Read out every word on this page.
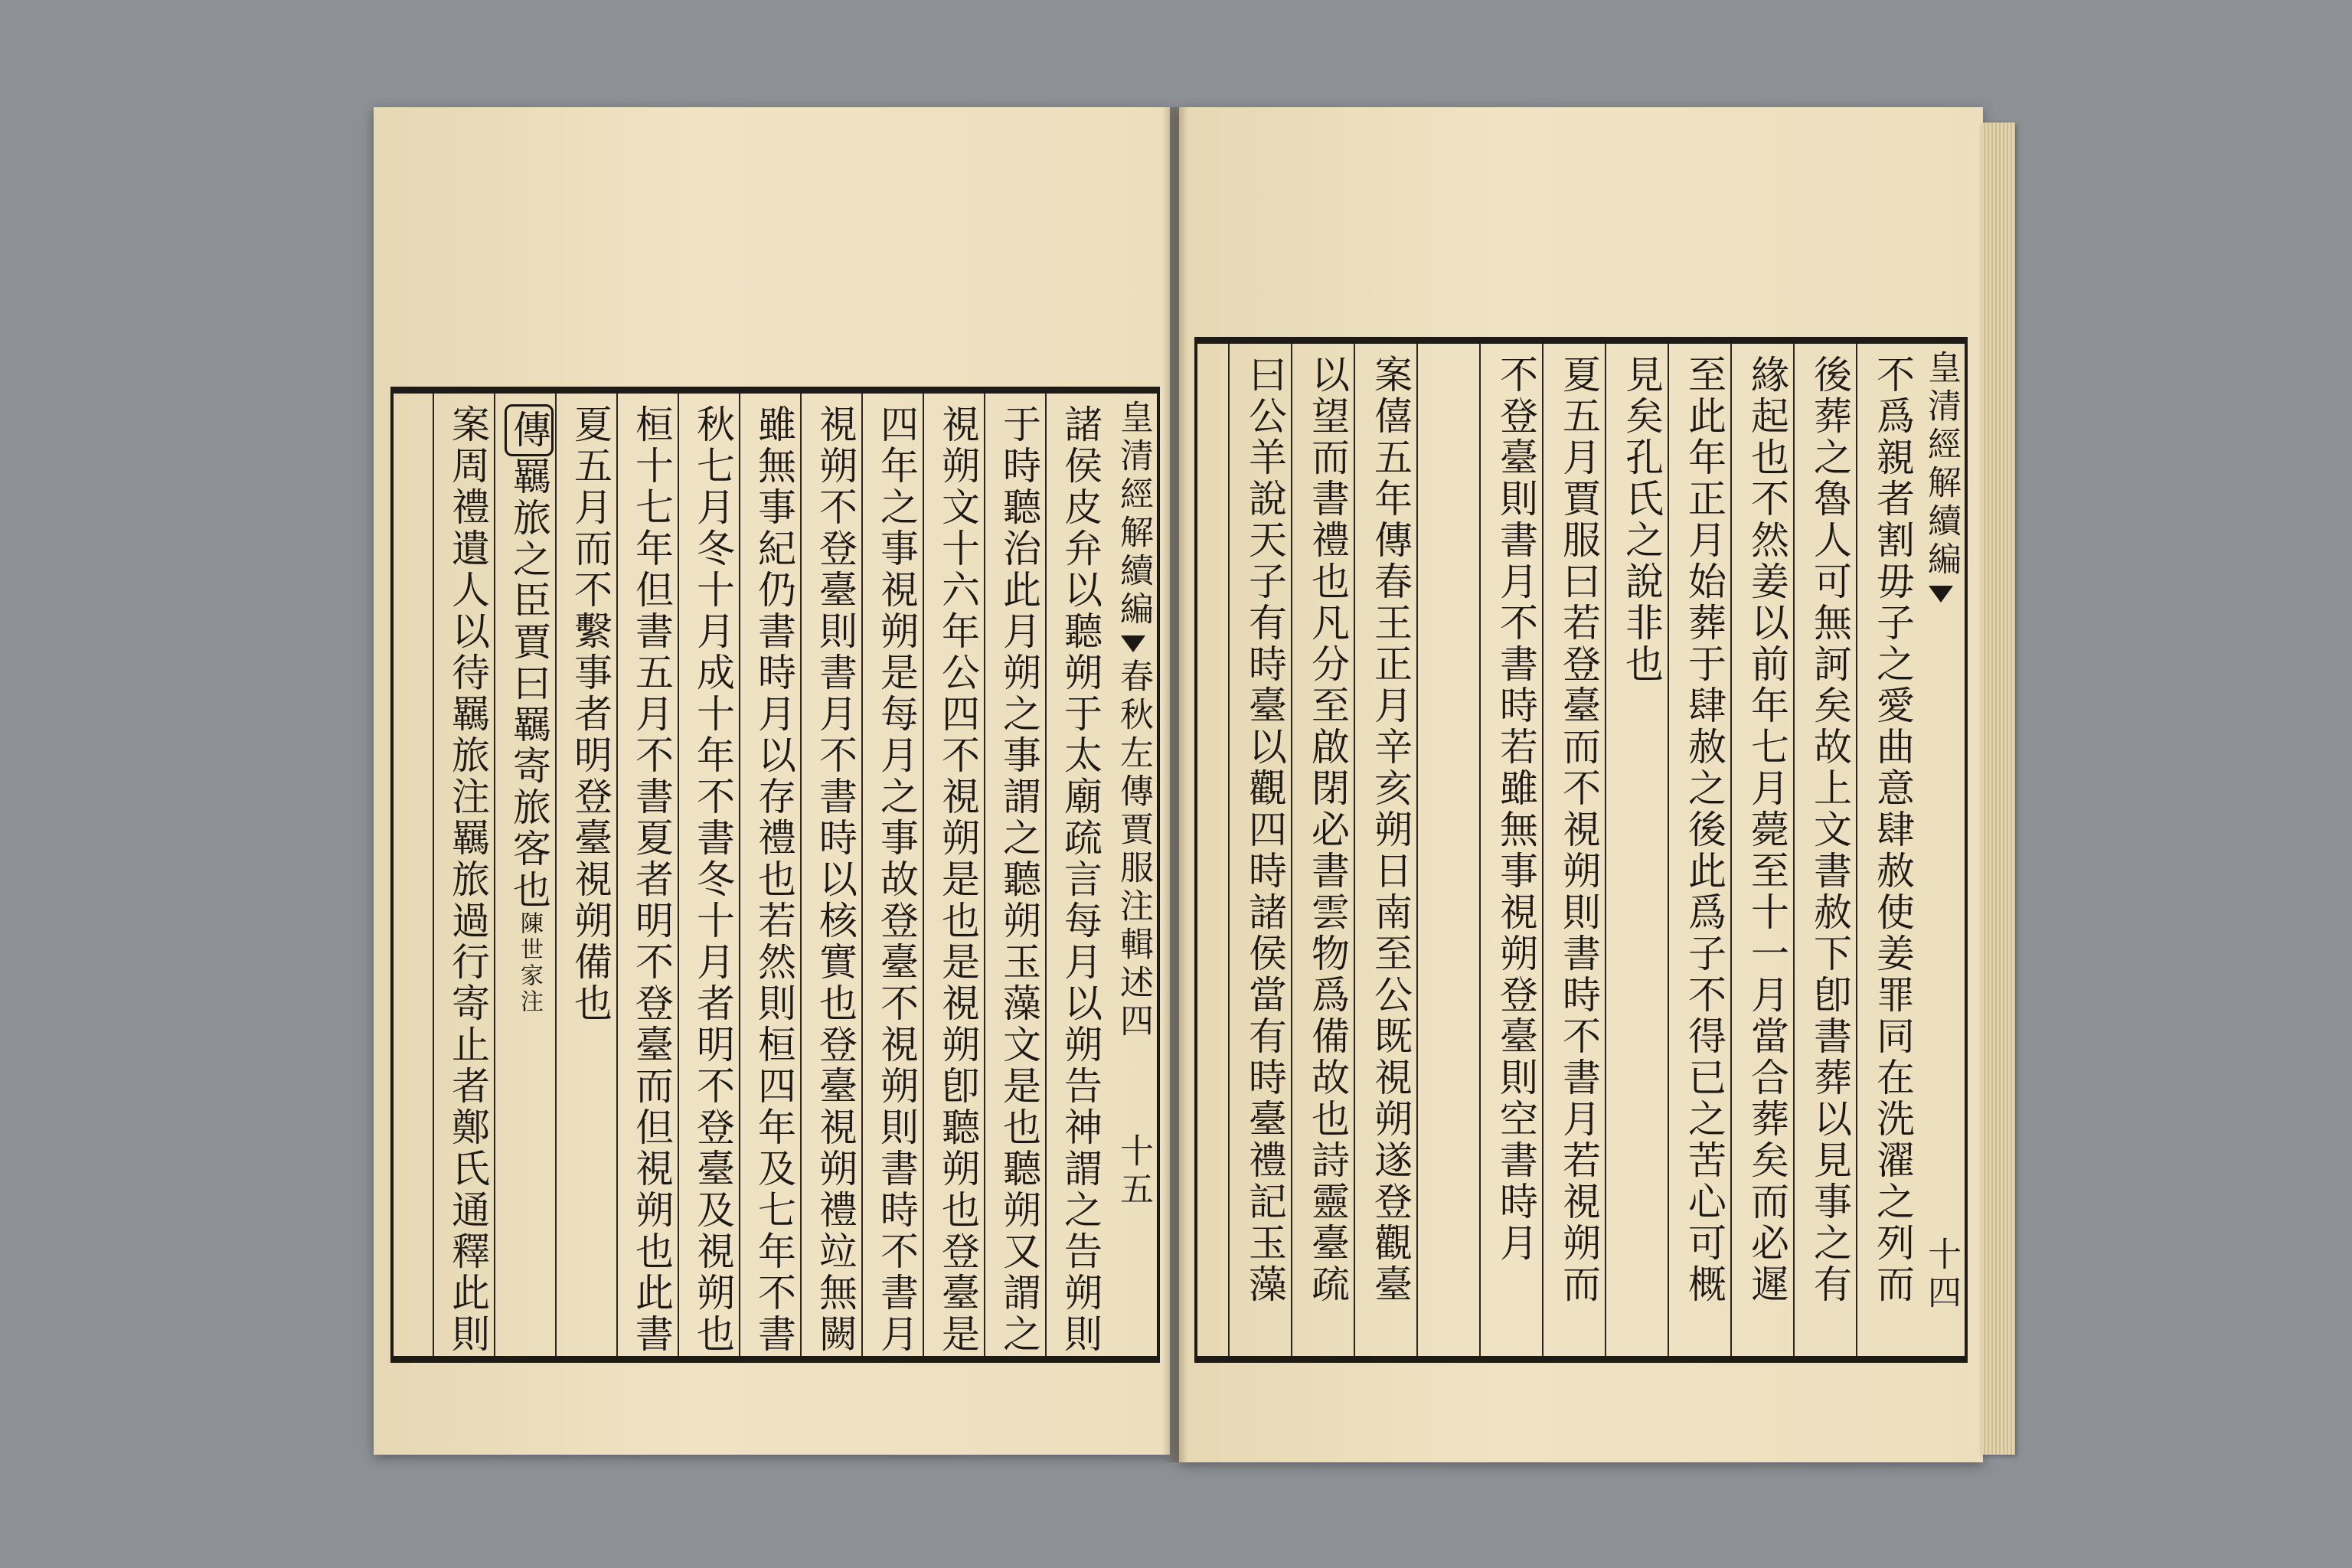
皇清經解續編春秋左傳賈服注輯述四十五
諸侯皮弁以聽朔于太廟疏言每月以朔告神謂之告朔則
于時聽治此月朔之事謂之聽朔玉藻文是也聽朔又謂之
視朔文十六年公四不視朔是也是視朔卽聽朔也登臺是
四年之事視朔是每月之事故登臺不視朔則書時不書月
視朔不登臺則書月不書時以核實也登臺視朔禮竝無闕
雖無事紀仍書時月以存禮也若然則桓四年及七年不書
秋七月冬十月成十年不書冬十月者明不登臺及視朔也
桓十七年但書五月不書夏者明不登臺而但視朔也此書
夏五月而不繫事者明登臺視朔備也
傳羈旅之臣賈曰羈寄旅客也陳世家注
案周禮遺人以待羈旅注羈旅過行寄止者鄭氏通釋此則	皇清經解續編十四
不爲親者割毋子之愛曲意肆赦使姜罪同在洗濯之列而
後葬之魯人可無訶矣故上文書赦下卽書葬以見事之有
緣起也不然姜以前年七月薨至十一月當合葬矣而必遲
至此年正月始葬于肆赦之後此爲子不得已之苦心可概
見矣孔氏之說非也
夏五月賈服曰若登臺而不視朔則書時不書月若視朔而
不登臺則書月不書時若雖無事視朔登臺則空書時月
案僖五年傳春王正月辛亥朔日南至公既視朔遂登觀臺
以望而書禮也凡分至啟閉必書雲物爲備故也詩靈臺疏
曰公羊說天子有時臺以觀四時諸侯當有時臺禮記玉藻
